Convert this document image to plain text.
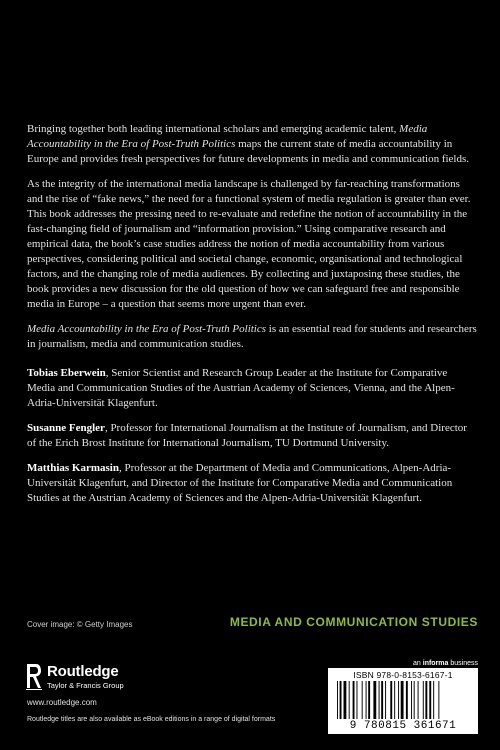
Bringing together both leading international scholars and emerging academic talent, Media Accountability in the Era of Post-Truth Politics maps the current state of media accountability in Europe and provides fresh perspectives for future developments in media and communication fields.

As the integrity of the international media landscape is challenged by far-reaching transformations and the rise of “fake news,” the need for a functional system of media regulation is greater than ever. This book addresses the pressing need to re-evaluate and redefine the notion of accountability in the fast-changing field of journalism and “information provision.” Using comparative research and empirical data, the book’s case studies address the notion of media accountability from various perspectives, considering political and societal change, economic, organisational and technological factors, and the changing role of media audiences. By collecting and juxtaposing these studies, the book provides a new discussion for the old question of how we can safeguard free and responsible media in Europe – a question that seems more urgent than ever.

Media Accountability in the Era of Post-Truth Politics is an essential read for students and researchers in journalism, media and communication studies.

Tobias Eberwein, Senior Scientist and Research Group Leader at the Institute for Comparative Media and Communication Studies of the Austrian Academy of Sciences, Vienna, and the Alpen-Adria-Universität Klagenfurt.

Susanne Fengler, Professor for International Journalism at the Institute of Journalism, and Director of the Erich Brost Institute for International Journalism, TU Dortmund University.

Matthias Karmasin, Professor at the Department of Media and Communications, Alpen-Adria-Universität Klagenfurt, and Director of the Institute for Comparative Media and Communication Studies at the Austrian Academy of Sciences and the Alpen-Adria-Universität Klagenfurt.

Cover image: © Getty Images	MEDIA AND COMMUNICATION STUDIES
Routledge
Taylor & Francis Group
www.routledge.com
Routledge titles are also available as eBook editions in a range of digital formats
an informa business
ISBN 978-0-8153-6167-1
9 780815 361671
